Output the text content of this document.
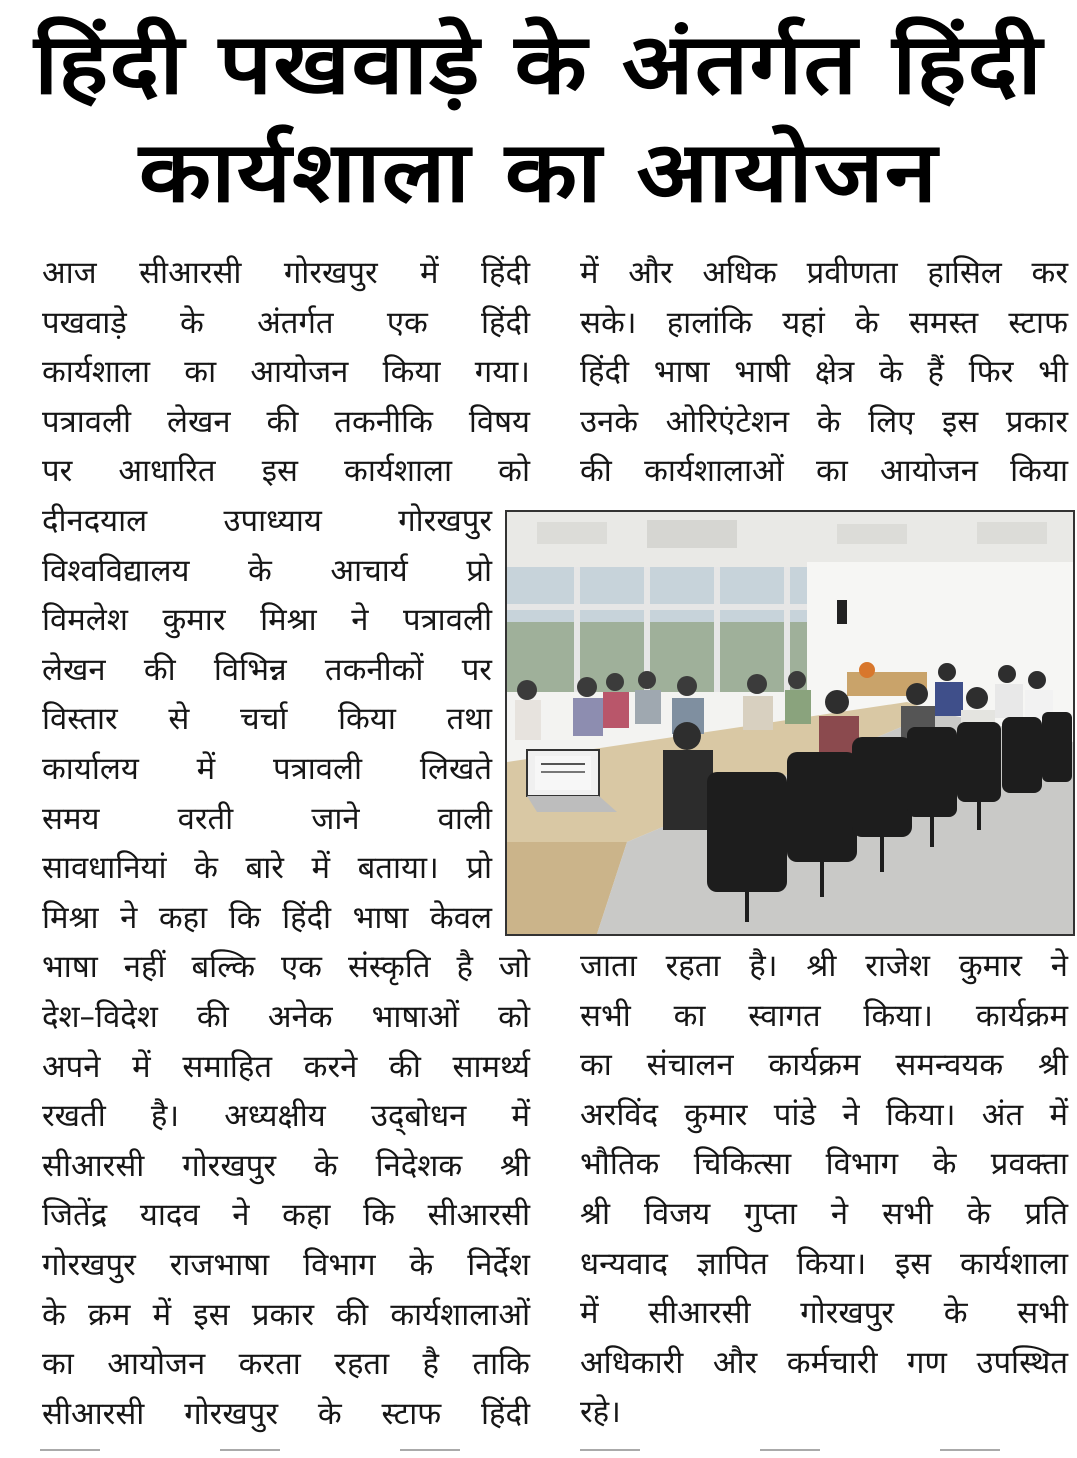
हिंदी पखवाड़े के अंतर्गत हिंदी
कार्यशाला का आयोजन
आज सीआरसी गोरखपुर में हिंदी
पखवाड़े के अंतर्गत एक हिंदी
कार्यशाला का आयोजन किया गया।
पत्रावली लेखन की तकनीकि विषय
पर आधारित इस कार्यशाला को
दीनदयाल उपाध्याय गोरखपुर
विश्वविद्यालय के आचार्य प्रो
विमलेश कुमार मिश्रा ने पत्रावली
लेखन की विभिन्न तकनीकों पर
विस्तार से चर्चा किया तथा
कार्यालय में पत्रावली लिखते
समय वरती जाने वाली
सावधानियां के बारे में बताया। प्रो
मिश्रा ने कहा कि हिंदी भाषा केवल
भाषा नहीं बल्कि एक संस्कृति है जो
देश–विदेश की अनेक भाषाओं को
अपने में समाहित करने की सामर्थ्य
रखती है। अध्यक्षीय उद्‌बोधन में
सीआरसी गोरखपुर के निदेशक श्री
जितेंद्र यादव ने कहा कि सीआरसी
गोरखपुर राजभाषा विभाग के निर्देश
के क्रम में इस प्रकार की कार्यशालाओं
का आयोजन करता रहता है ताकि
सीआरसी गोरखपुर के स्टाफ हिंदी
में और अधिक प्रवीणता हासिल कर
सके। हालांकि यहां के समस्त स्टाफ
हिंदी भाषा भाषी क्षेत्र के हैं फिर भी
उनके ओरिएंटेशन के लिए इस प्रकार
की कार्यशालाओं का आयोजन किया
जाता रहता है। श्री राजेश कुमार ने
सभी का स्वागत किया। कार्यक्रम
का संचालन कार्यक्रम समन्वयक श्री
अरविंद कुमार पांडे ने किया। अंत में
भौतिक चिकित्सा विभाग के प्रवक्ता
श्री विजय गुप्ता ने सभी के प्रति
धन्यवाद ज्ञापित किया। इस कार्यशाला
में सीआरसी गोरखपुर के सभी
अधिकारी और कर्मचारी गण उपस्थित
रहे।
